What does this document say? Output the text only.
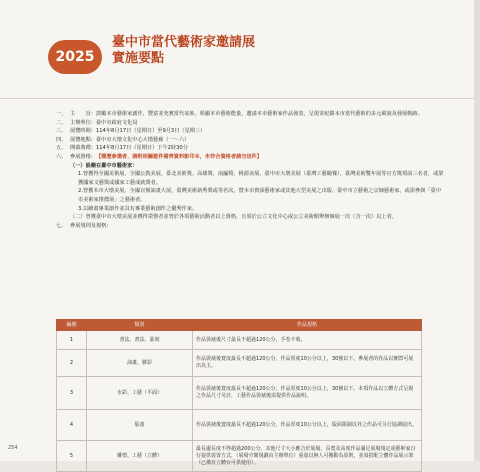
2025
臺中市當代藝術家邀請展
實施要點
一、 主　　旨： 鼓勵本市藝術家創作，豐富並充實當代氣象，彰顯本市藝術能量，邀請本市藝術家作品發表，呈現並紀錄本市當代藝術的多元風貌及發展軌跡。
二、 主辦單位： 臺中市政府文化局
三、 展覽時間： 114年8月17日（星期日）至9月3日（星期三）
四、 展覽地點： 臺中市大墩文化中心大墩藝廊（一～六）
五、 開幕典禮： 114年8月17日（星期日）下午2時30分
六、 參展資格： 【簡歷參選者、請附相關證件備齊資料影印本，未符合資格者請勿送件】
（一）設籍在臺中市藝術家：
1.曾獲得全國美術展、全國公教美展、臺北美術獎、高雄獎、南瀛獎、桃源美展、臺中市大墩美展（臺灣工藝競賽）、臺灣美術雙年展等官方獎項前三名者，或榮獲國家文藝獎或國家工藝成就獎者。
2.曾獲本市大墩美展、全國百號油畫大展、臺灣美術新秀獎或等名次，暨本市資深藝術家或其他大型美展之出版、臺中市立藝術之宗師藝術家，或需參與「臺中市美術家推薦展」之藝術者。
3.以繪畫專業創作並具有專業藝術創作之優秀作家。
（二）曾獲臺中市大墩美展並獲得榮譽者並曾於各項藝術活動者以上資格，且須於公立文化中心或公立美術館舉辦個展一次（含一次）以上者。
七、 參展規則及規格：
編號	類別	作品規格
1	書法、書法、篆刻	作品裝裱後尺寸最長不超過120公分，手卷不收。
2	油畫、膠彩	作品裝裱後寬度最長不超過120公分，作品厚度10公分以上，30號以下。參展者的作品以實際可展出為主。
3	水彩、工藝（平面）	作品裝裱後寬度最長不超過120公分，作品厚度10公分以上，30號以下。本項作品以立體方式呈現之作品尺寸另計，工藝作品裝裱後需提供作品說明。
4	版畫	作品裝裱後寬度最長不超過120公分，作品厚度10公分以上，版面限制以外之作品可另行協調展出。
5	雕塑、工藝（立體）	最長邊長度不得超過200公分，其他尺寸大小應合於展場，長寬及高度作品滿足展場規定或藝術家自行提供裝置方式，（展場空間規劃由主辦單位）重量以無人可搬動為原則，並須搭配立體作品展示架（已備有立體台可供使用）。
254
